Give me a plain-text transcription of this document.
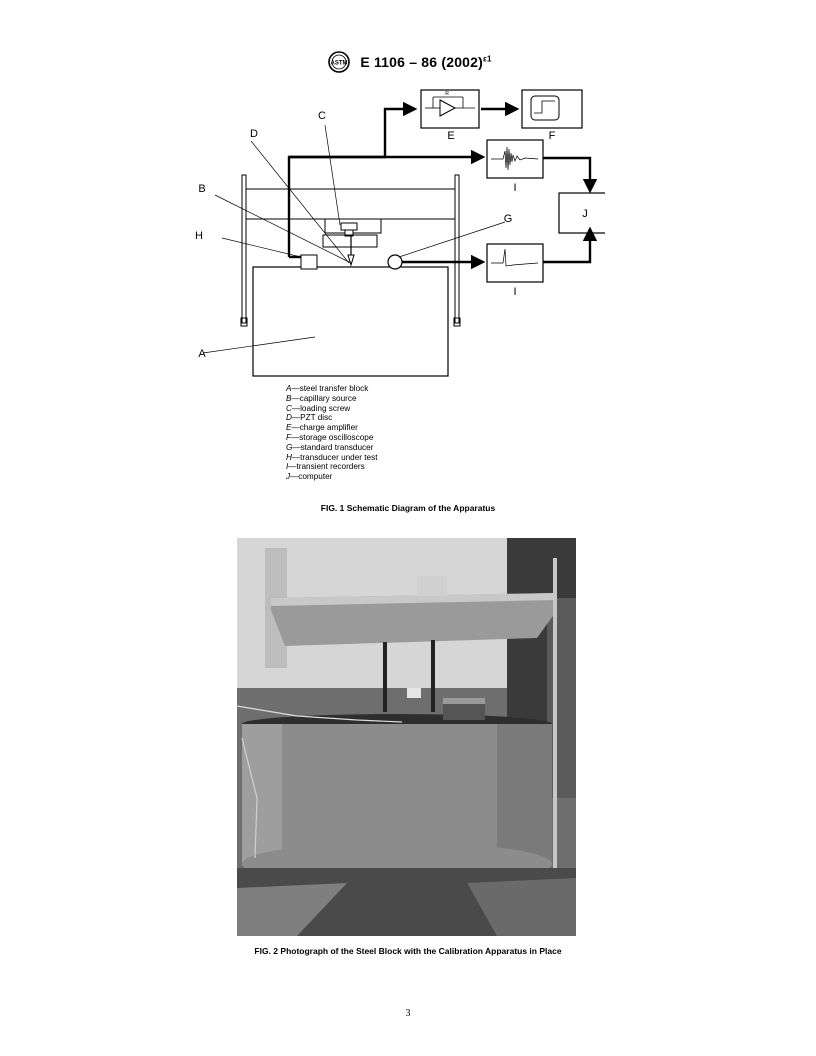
ASTM E 1106 – 86 $(2002)^{\varepsilon 1}$
R
D
C
B
H
G
A
E	F
I
I
J
A—steel transfer block
B—capillary source
C—loading screw
D—PZT disc
E—charge amplifier
F—storage oscilloscope
G—standard transducer
H—transducer under test
I—transient recorders
J—computer
FIG. 1 Schematic Diagram of the Apparatus
FIG. 2 Photograph of the Steel Block with the Calibration Apparatus in Place
3
